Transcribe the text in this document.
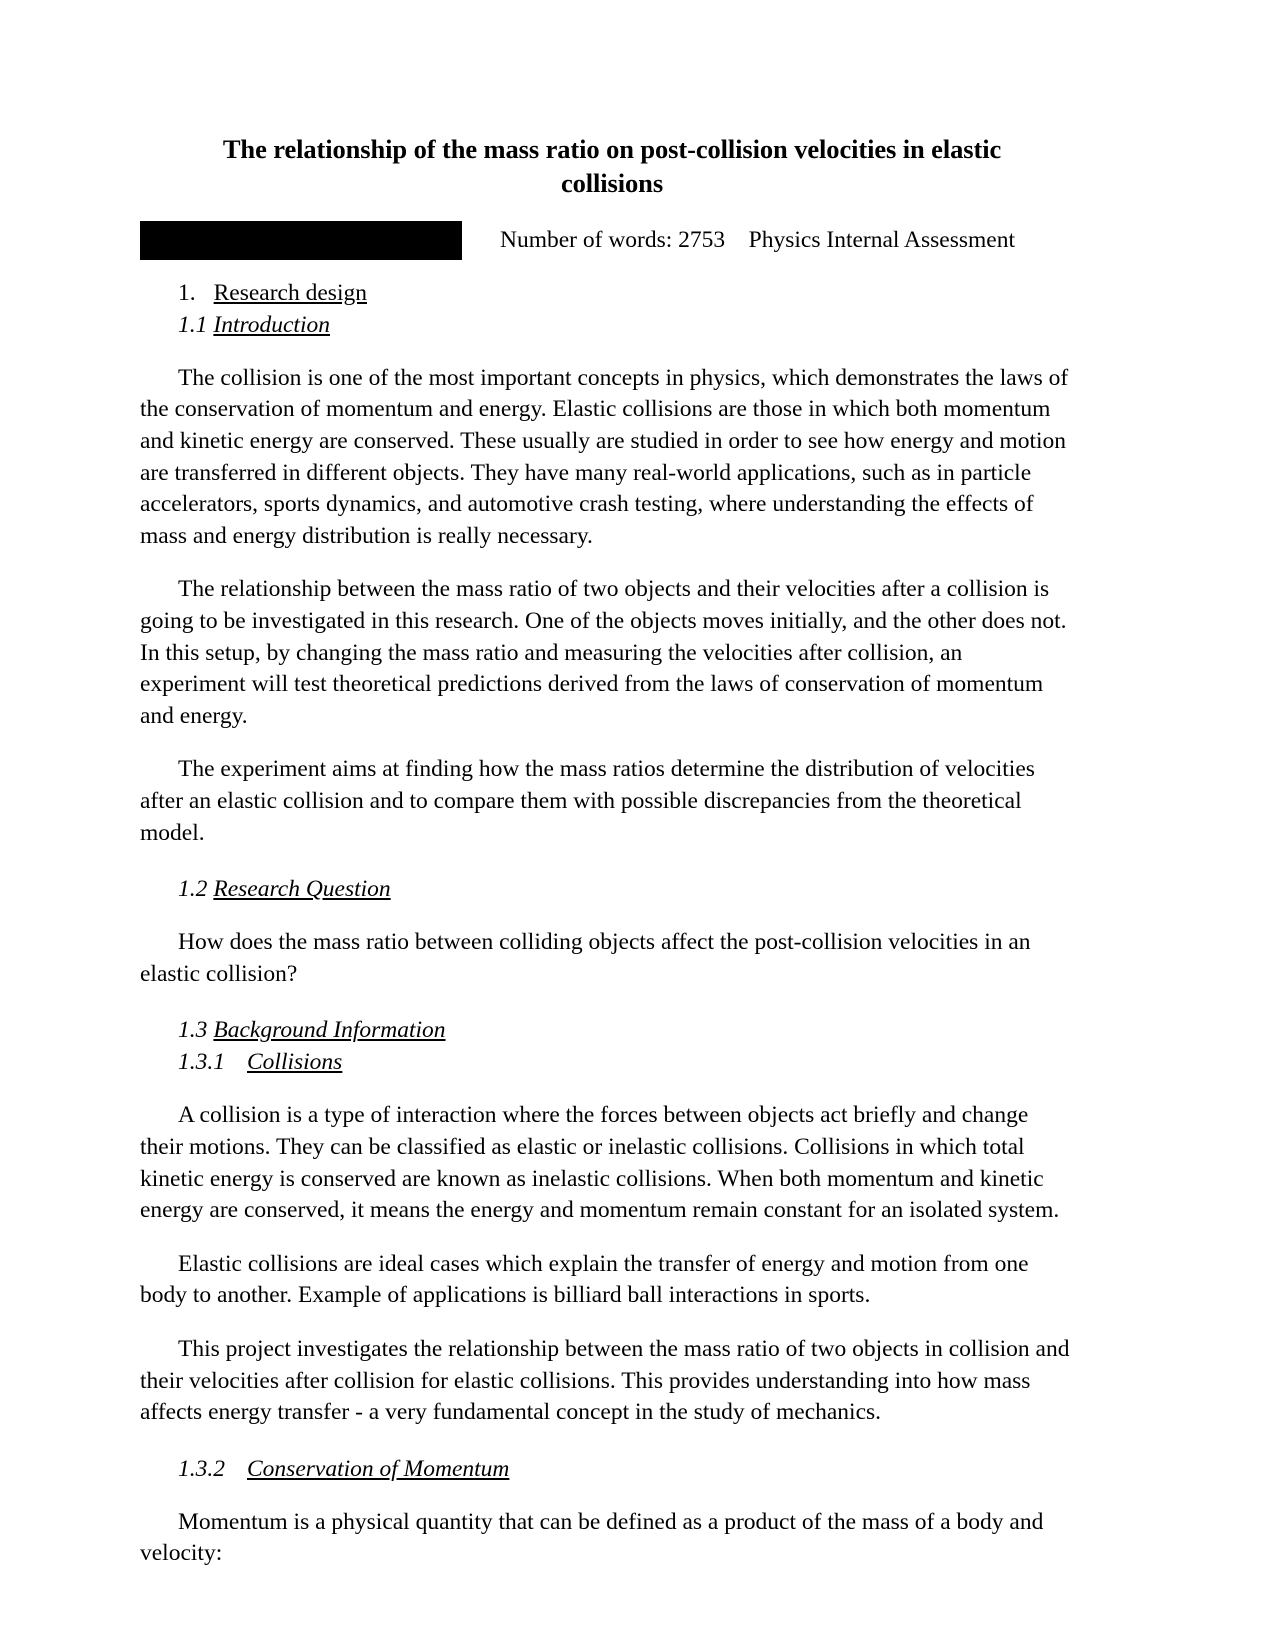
The relationship of the mass ratio on post-collision velocities in elastic collisions
Number of words: 2753    Physics Internal Assessment
1. Research design
1.1 Introduction

The collision is one of the most important concepts in physics, which demonstrates the laws of the conservation of momentum and energy. Elastic collisions are those in which both momentum and kinetic energy are conserved. These usually are studied in order to see how energy and motion are transferred in different objects. They have many real-world applications, such as in particle accelerators, sports dynamics, and automotive crash testing, where understanding the effects of mass and energy distribution is really necessary.

The relationship between the mass ratio of two objects and their velocities after a collision is going to be investigated in this research. One of the objects moves initially, and the other does not. In this setup, by changing the mass ratio and measuring the velocities after collision, an experiment will test theoretical predictions derived from the laws of conservation of momentum and energy.

The experiment aims at finding how the mass ratios determine the distribution of velocities after an elastic collision and to compare them with possible discrepancies from the theoretical model.

1.2 Research Question

How does the mass ratio between colliding objects affect the post-collision velocities in an elastic collision?

1.3 Background Information
1.3.1 Collisions

A collision is a type of interaction where the forces between objects act briefly and change their motions. They can be classified as elastic or inelastic collisions. Collisions in which total kinetic energy is conserved are known as inelastic collisions. When both momentum and kinetic energy are conserved, it means the energy and momentum remain constant for an isolated system.

Elastic collisions are ideal cases which explain the transfer of energy and motion from one body to another. Example of applications is billiard ball interactions in sports.

This project investigates the relationship between the mass ratio of two objects in collision and their velocities after collision for elastic collisions. This provides understanding into how mass affects energy transfer - a very fundamental concept in the study of mechanics.

1.3.2 Conservation of Momentum

Momentum is a physical quantity that can be defined as a product of the mass of a body and velocity:
